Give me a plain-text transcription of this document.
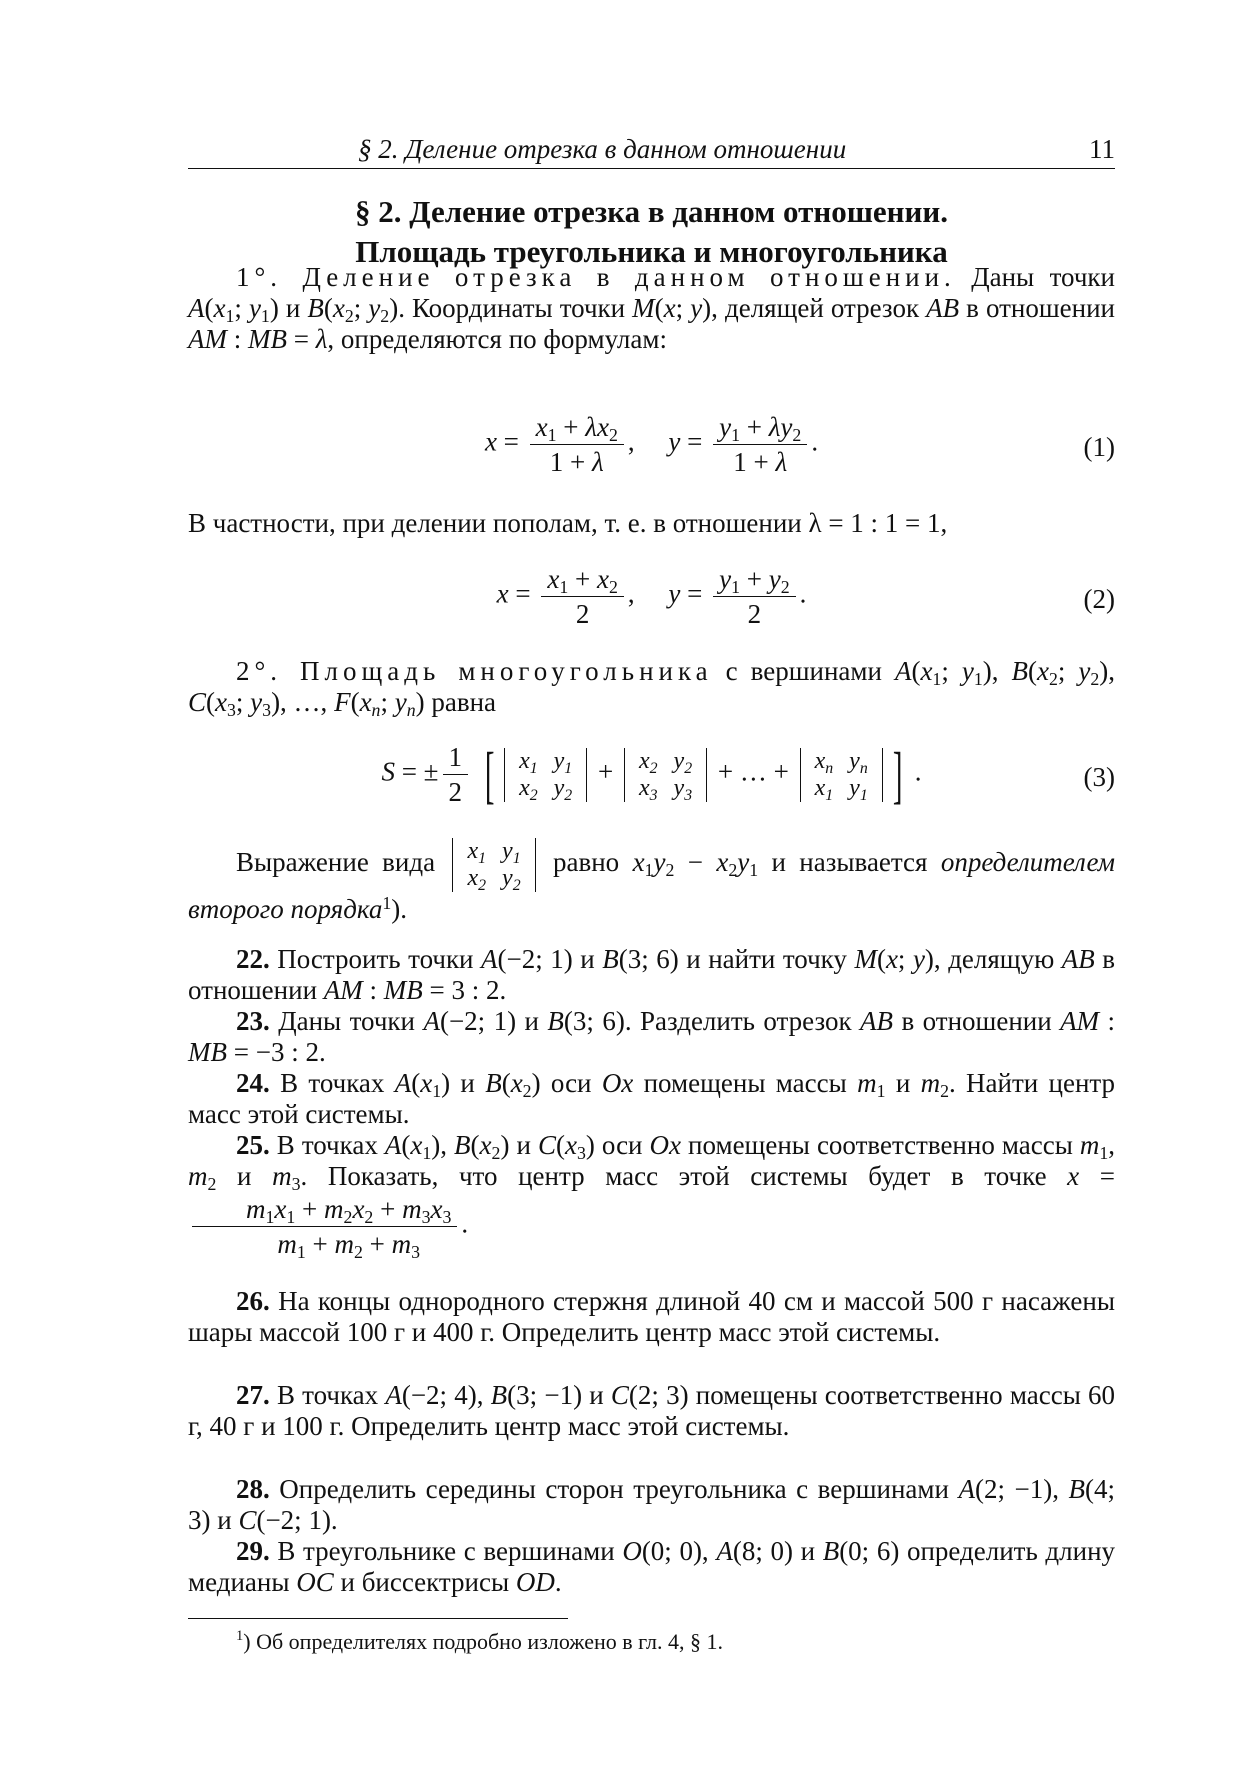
§ 2. Деление отрезка в данном отношении	11
§ 2. Деление отрезка в данном отношении.
Площадь треугольника и многоугольника
1°. Деление отрезка в данном отношении. Даны точки $A(x_1$; $y_1$) и $B(x_2$; $y_2$). Координаты точки M(x; y), делящей отрезок AB в отношении AM : MB = λ, определяются по формулам:
$x = \frac{x_1 + \lambda x_2}{1 + \lambda}$ ,     $y = \frac{y_1 + \lambda y_2}{1 + \lambda}$ .	(1)
В частности, при делении пополам, т. е. в отношении λ = 1 : 1 = 1,
$x = \frac{x_1 + x_2}{2}$ ,     $y = \frac{y_1 + y_2}{2}$ .	(2)
2°. Площадь многоугольника с вершинами $A(x_1$; $y_1$), $B(x_2$; $y_2$), $C(x_3$; $y_3$), …, $F(x_n$; $y_n$) равна
S = ± $\frac{1}{2}$ [ $x_1$	$y_1$
$x_2$	$y_2$
+ $x_2$	$y_2$
$x_3$	$y_3$
+ … + $x_n$	$y_n$
$x_1$	$y_1$ ] .	(3)
Выражение вида $x_1$	$y_1$
$x_2$	$y_2$
равно $x_1y_2 - x_2y_1$ и называется определителем второго порядка$^1$).
22. Построить точки A(−2; 1) и B(3; 6) и найти точку M(x; y), делящую AB в отношении AM : MB = 3 : 2.
23. Даны точки A(−2; 1) и B(3; 6). Разделить отрезок AB в отношении AM : MB = −3 : 2.
24. В точках $A(x_1)$ и $B(x_2)$ оси Ox помещены массы $m_1$ и $m_2$. Найти центр масс этой системы.
25. В точках $A(x_1)$, $B(x_2)$ и $C(x_3)$ оси Ox помещены соответственно массы $m_1$, $m_2$ и $m_3$. Показать, что центр масс этой системы будет в точке x =
$\frac{m_1x_1 + m_2x_2 + m_3x_3}{m_1 + m_2 + m_3}$ .
26. На концы однородного стержня длиной 40 см и массой 500 г насажены шары массой 100 г и 400 г. Определить центр масс этой системы.
27. В точках A(−2; 4), B(3; −1) и C(2; 3) помещены соответственно массы 60 г, 40 г и 100 г. Определить центр масс этой системы.
28. Определить середины сторон треугольника с вершинами A(2; −1), B(4; 3) и C(−2; 1).
29. В треугольнике с вершинами O(0; 0), A(8; 0) и B(0; 6) определить длину медианы OC и биссектрисы OD.
$^1$) Об определителях подробно изложено в гл. 4, § 1.
